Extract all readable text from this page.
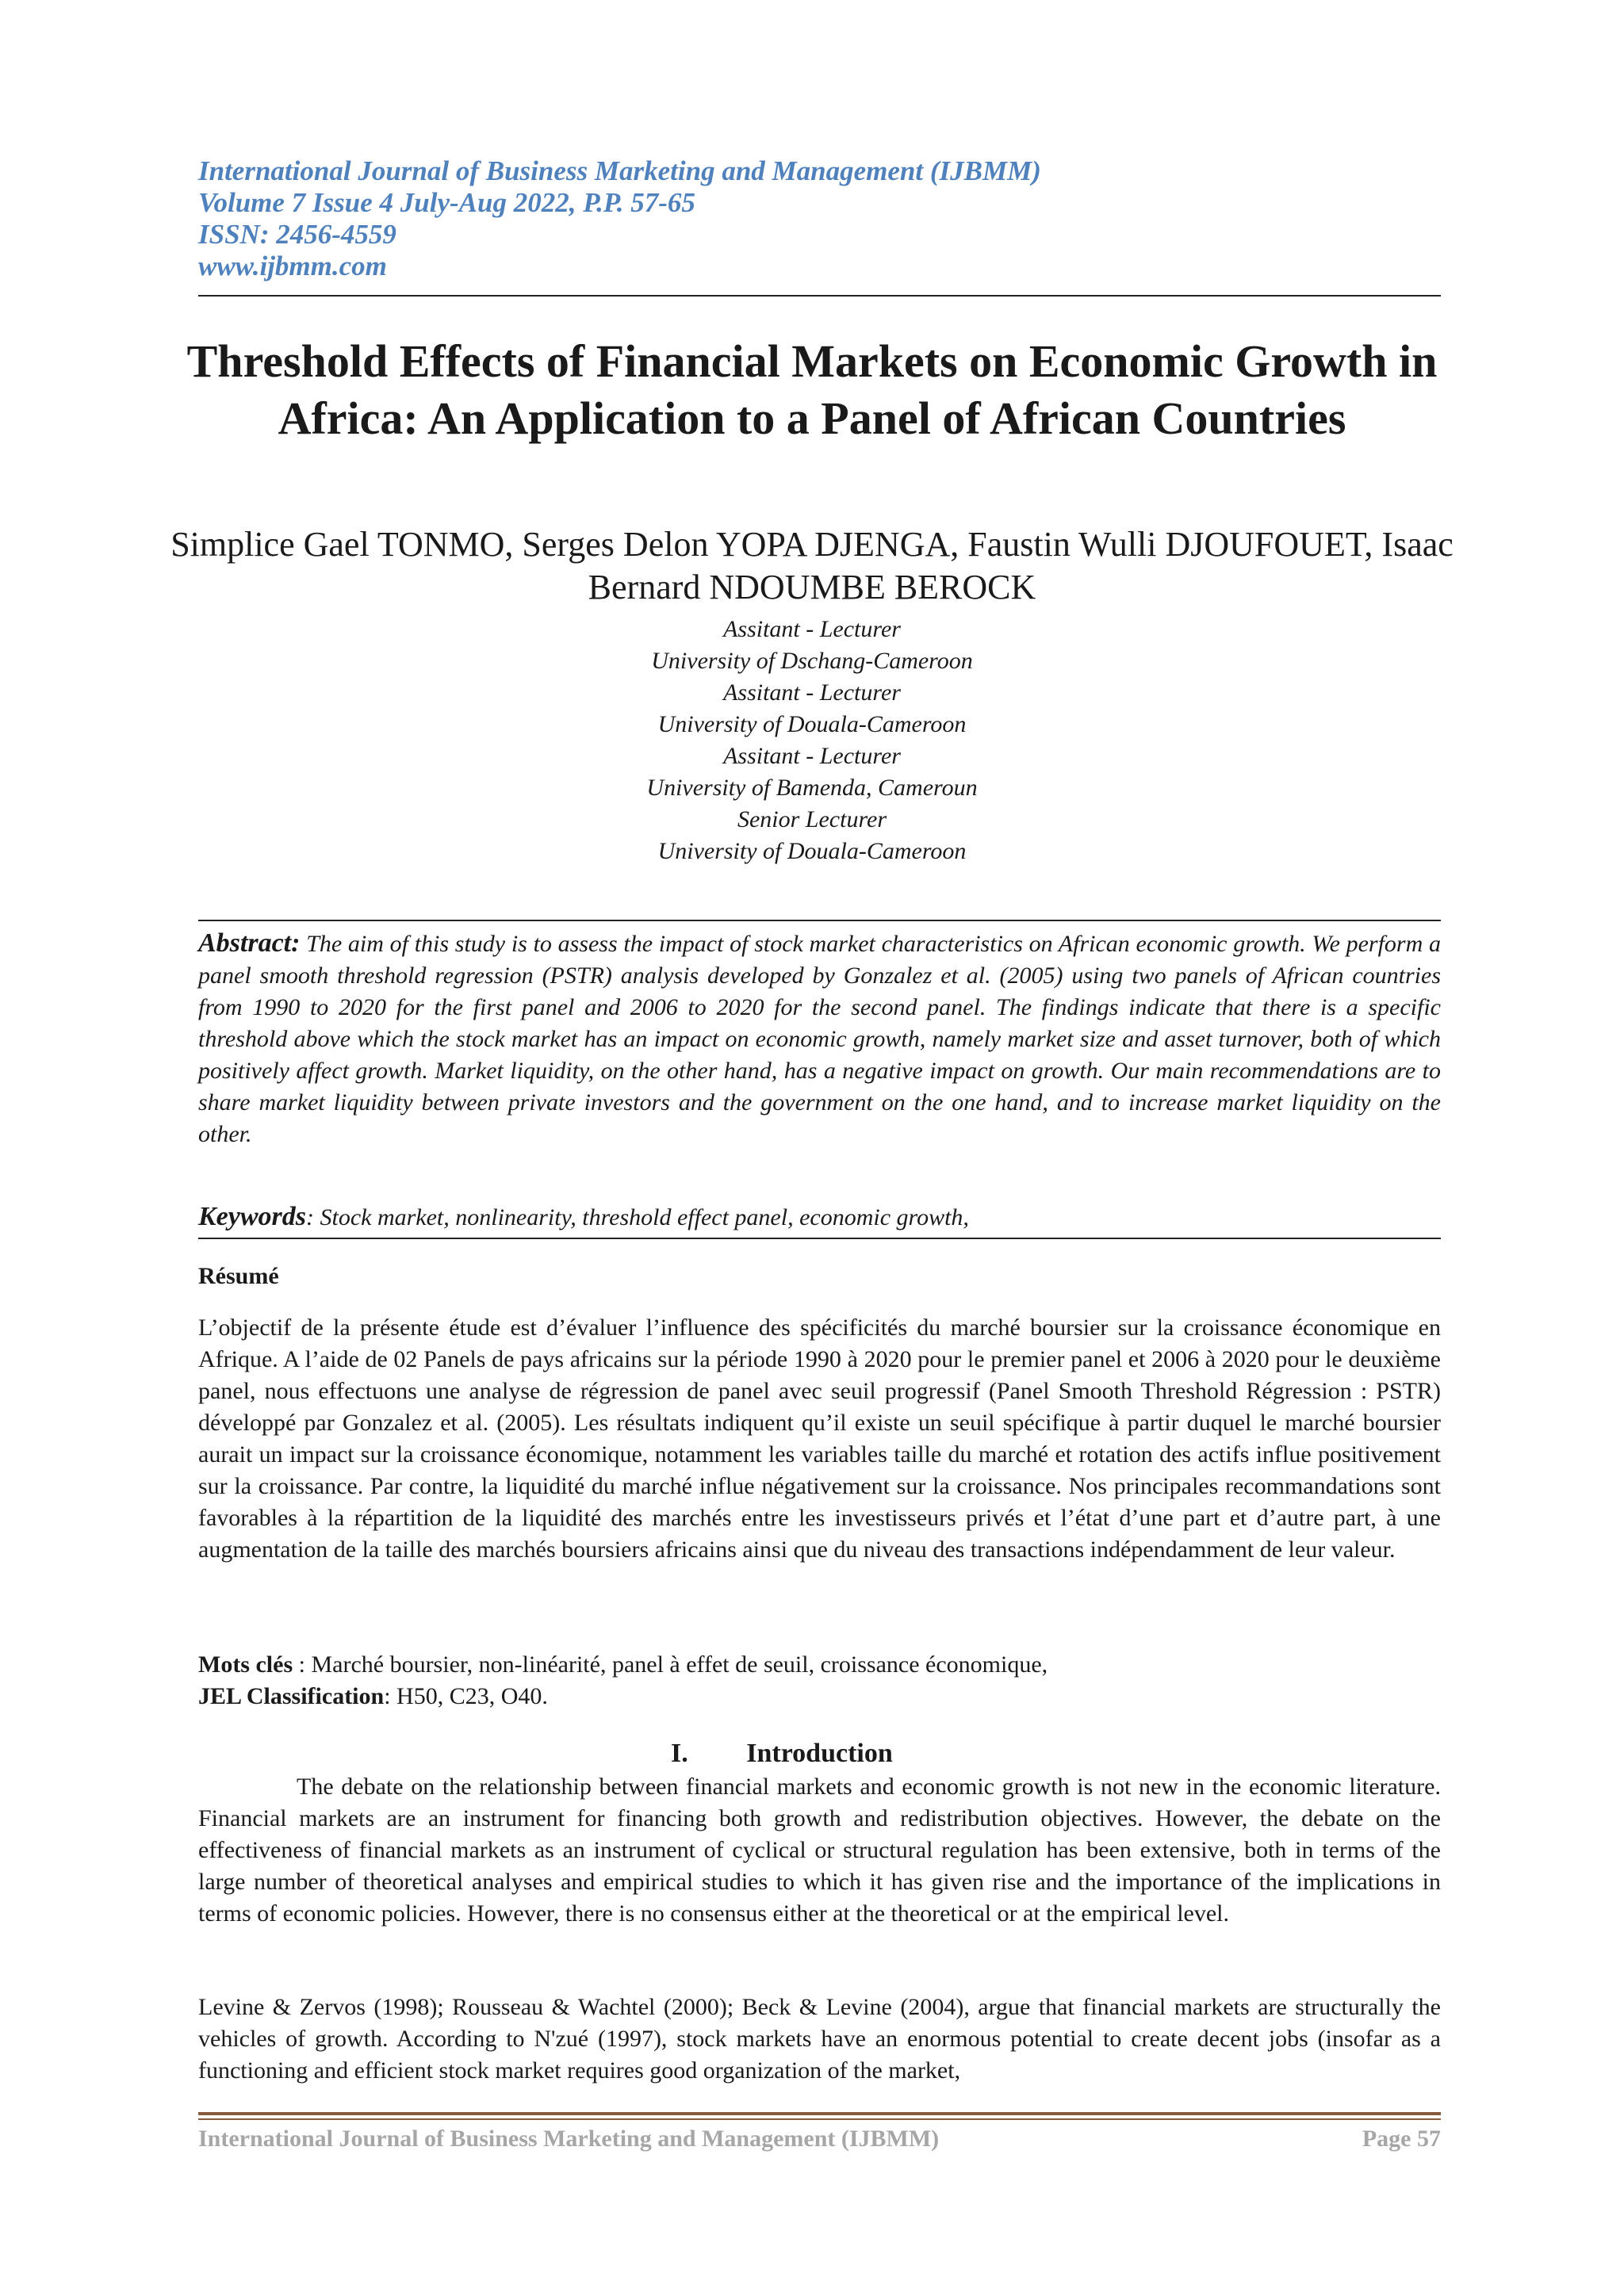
International Journal of Business Marketing and Management (IJBMM)

Volume 7 Issue 4 July-Aug 2022, P.P. 57-65

ISSN: 2456-4559

www.ijbmm.com

Threshold Effects of Financial Markets on Economic Growth in Africa: An Application to a Panel of African Countries

Simplice Gael TONMO, Serges Delon YOPA DJENGA, Faustin Wulli DJOUFOUET, Isaac Bernard NDOUMBE BEROCK

Assitant - Lecturer

University of Dschang-Cameroon

Assitant - Lecturer

University of Douala-Cameroon

Assitant - Lecturer

University of Bamenda, Cameroun

Senior Lecturer

University of Douala-Cameroon

Abstract: The aim of this study is to assess the impact of stock market characteristics on African economic growth. We perform a panel smooth threshold regression (PSTR) analysis developed by Gonzalez et al. (2005) using two panels of African countries from 1990 to 2020 for the first panel and 2006 to 2020 for the second panel. The findings indicate that there is a specific threshold above which the stock market has an impact on economic growth, namely market size and asset turnover, both of which positively affect growth. Market liquidity, on the other hand, has a negative impact on growth. Our main recommendations are to share market liquidity between private investors and the government on the one hand, and to increase market liquidity on the other.

Keywords: Stock market, nonlinearity, threshold effect panel, economic growth,

Résumé

L’objectif de la présente étude est d’évaluer l’influence des spécificités du marché boursier sur la croissance économique en Afrique. A l’aide de 02 Panels de pays africains sur la période 1990 à 2020 pour le premier panel et 2006 à 2020 pour le deuxième panel, nous effectuons une analyse de régression de panel avec seuil progressif (Panel Smooth Threshold Régression : PSTR) développé par Gonzalez et al. (2005). Les résultats indiquent qu’il existe un seuil spécifique à partir duquel le marché boursier aurait un impact sur la croissance économique, notamment les variables taille du marché et rotation des actifs influe positivement sur la croissance. Par contre, la liquidité du marché influe négativement sur la croissance. Nos principales recommandations sont favorables à la répartition de la liquidité des marchés entre les investisseurs privés et l’état d’une part et d’autre part, à une augmentation de la taille des marchés boursiers africains ainsi que du niveau des transactions indépendamment de leur valeur.

Mots clés : Marché boursier, non-linéarité, panel à effet de seuil, croissance économique,
JEL Classification: H50, C23, O40.
I. Introduction

The debate on the relationship between financial markets and economic growth is not new in the economic literature. Financial markets are an instrument for financing both growth and redistribution objectives. However, the debate on the effectiveness of financial markets as an instrument of cyclical or structural regulation has been extensive, both in terms of the large number of theoretical analyses and empirical studies to which it has given rise and the importance of the implications in terms of economic policies. However, there is no consensus either at the theoretical or at the empirical level.

Levine & Zervos (1998); Rousseau & Wachtel (2000); Beck & Levine (2004), argue that financial markets are structurally the vehicles of growth. According to N'zué (1997), stock markets have an enormous potential to create decent jobs (insofar as a functioning and efficient stock market requires good organization of the market,

International Journal of Business Marketing and Management (IJBMM)	Page 57
